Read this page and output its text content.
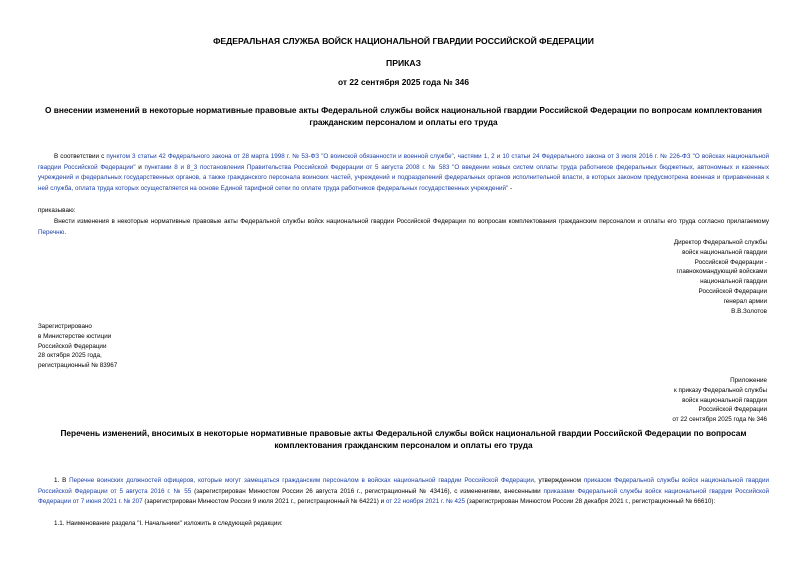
ФЕДЕРАЛЬНАЯ СЛУЖБА ВОЙСК НАЦИОНАЛЬНОЙ ГВАРДИИ РОССИЙСКОЙ ФЕДЕРАЦИИ
ПРИКАЗ
от 22 сентября 2025 года № 346
О внесении изменений в некоторые нормативные правовые акты Федеральной службы войск национальной гвардии Российской Федерации по вопросам комплектования гражданским персоналом и оплаты его труда
В соответствии с пунктом 3 статьи 42 Федерального закона от 28 марта 1998 г. № 53-ФЗ "О воинской обязанности и военной службе", частями 1, 2 и 10 статьи 24 Федерального закона от 3 июля 2016 г. № 226-ФЗ "О войсках национальной гвардии Российской Федерации" и пунктами 8 и 8_3 постановления Правительства Российской Федерации от 5 августа 2008 г. № 583 "О введении новых систем оплаты труда работников федеральных бюджетных, автономных и казенных учреждений и федеральных государственных органов, а также гражданского персонала воинских частей, учреждений и подразделений федеральных органов исполнительной власти, в которых законом предусмотрена военная и приравненная к ней служба, оплата труда которых осуществляется на основе Единой тарифной сетки по оплате труда работников федеральных государственных учреждений" -
приказываю:
Внести изменения в некоторые нормативные правовые акты Федеральной службы войск национальной гвардии Российской Федерации по вопросам комплектования гражданским персоналом и оплаты его труда согласно прилагаемому Перечню.
Директор Федеральной службы
войск национальной гвардии
Российской Федерации -
главнокомандующий войсками
национальной гвардии
Российской Федерации
генерал армии
В.В.Золотов
Зарегистрировано
в Министерстве юстиции
Российской Федерации
28 октября 2025 года,
регистрационный № 83967
Приложение
к приказу Федеральной службы
войск национальной гвардии
Российской Федерации
от 22 сентября 2025 года № 346
Перечень изменений, вносимых в некоторые нормативные правовые акты Федеральной службы войск национальной гвардии Российской Федерации по вопросам комплектования гражданским персоналом и оплаты его труда
1. В Перечне воинских должностей офицеров, которые могут замещаться гражданским персоналом в войсках национальной гвардии Российской Федерации, утвержденном приказом Федеральной службы войск национальной гвардии Российской Федерации от 5 августа 2016 г. № 55 (зарегистрирован Минюстом России 26 августа 2016 г., регистрационный № 43416), с изменениями, внесенными приказами Федеральной службы войск национальной гвардии Российской Федерации от 7 июня 2021 г. № 207 (зарегистрирован Минюстом России 9 июля 2021 г., регистрационный № 64221) и от 22 ноября 2021 г. № 425 (зарегистрирован Минюстом России 28 декабря 2021 г., регистрационный № 66610):
1.1. Наименование раздела "I. Начальники" изложить в следующей редакции:
